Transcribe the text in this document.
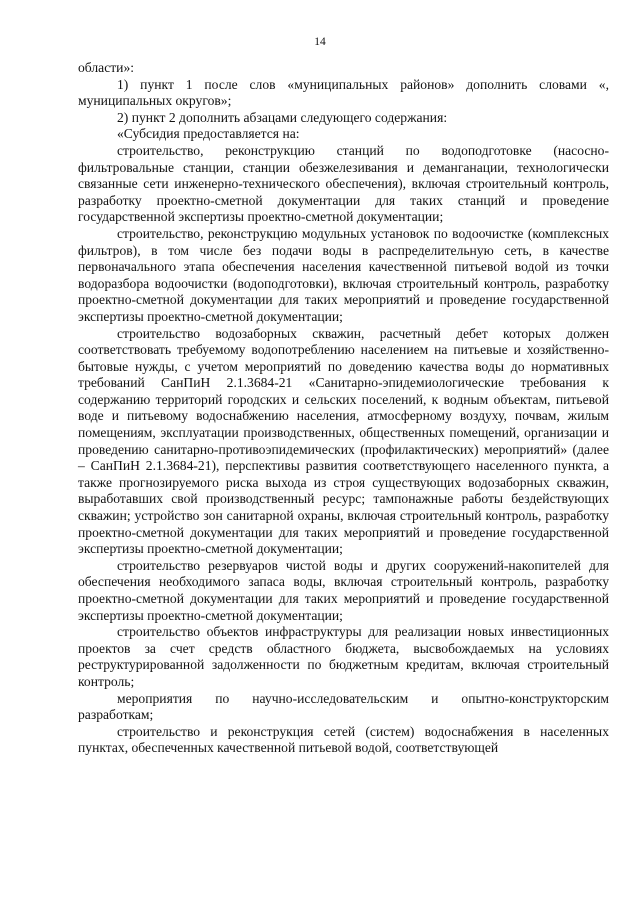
14

области»:

1) пункт 1 после слов «муниципальных районов» дополнить словами «, муниципальных округов»;

2) пункт 2 дополнить абзацами следующего содержания:

«Субсидия предоставляется на:

строительство, реконструкцию станций по водоподготовке (насосно-фильтровальные станции, станции обезжелезивания и деманганации, технологически связанные сети инженерно-технического обеспечения), включая строительный контроль, разработку проектно-сметной документации для таких станций и проведение государственной экспертизы проектно-сметной документации;

строительство, реконструкцию модульных установок по водоочистке (комплексных фильтров), в том числе без подачи воды в распределительную сеть, в качестве первоначального этапа обеспечения населения качественной питьевой водой из точки водоразбора водоочистки (водоподготовки), включая строительный контроль, разработку проектно-сметной документации для таких мероприятий и проведение государственной экспертизы проектно-сметной документации;

строительство водозаборных скважин, расчетный дебет которых должен соответствовать требуемому водопотреблению населением на питьевые и хозяйственно-бытовые нужды, с учетом мероприятий по доведению качества воды до нормативных требований СанПиН 2.1.3684-21 «Санитарно-эпидемиологические требования к содержанию территорий городских и сельских поселений, к водным объектам, питьевой воде и питьевому водоснабжению населения, атмосферному воздуху, почвам, жилым помещениям, эксплуатации производственных, общественных помещений, организации и проведению санитарно-противоэпидемических (профилактических) мероприятий» (далее – СанПиН 2.1.3684-21), перспективы развития соответствующего населенного пункта, а также прогнозируемого риска выхода из строя существующих водозаборных скважин, выработавших свой производственный ресурс; тампонажные работы бездействующих скважин; устройство зон санитарной охраны, включая строительный контроль, разработку проектно-сметной документации для таких мероприятий и проведение государственной экспертизы проектно-сметной документации;

строительство резервуаров чистой воды и других сооружений-накопителей для обеспечения необходимого запаса воды, включая строительный контроль, разработку проектно-сметной документации для таких мероприятий и проведение государственной экспертизы проектно-сметной документации;

строительство объектов инфраструктуры для реализации новых инвестиционных проектов за счет средств областного бюджета, высвобождаемых на условиях реструктурированной задолженности по бюджетным кредитам, включая строительный контроль;

мероприятия по научно-исследовательским и опытно-конструкторским разработкам;

строительство и реконструкция сетей (систем) водоснабжения в населенных пунктах, обеспеченных качественной питьевой водой, соответствующей
